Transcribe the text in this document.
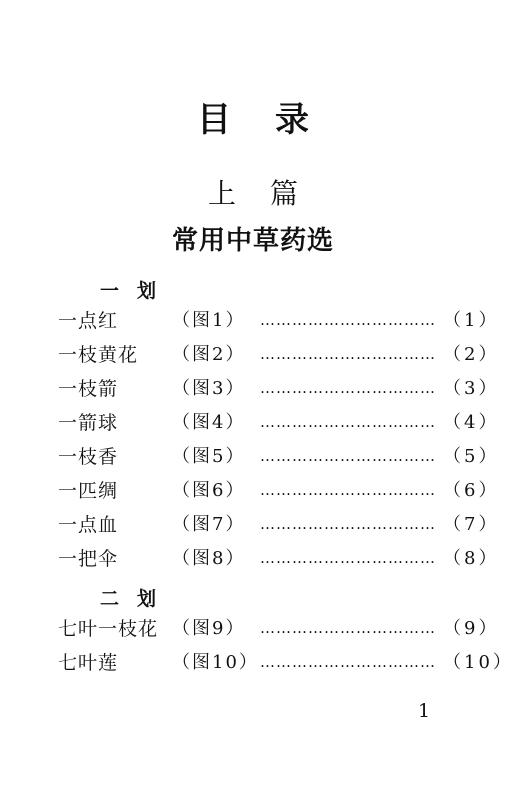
目录
上篇
常用中草药选
一划
一点红	（图1） …………………………… （1）
一枝黄花 （图2） …………………………… （2）
一枝箭	（图3） …………………………… （3）
一箭球	（图4） …………………………… （4）
一枝香	（图5） …………………………… （5）
一匹绸	（图6） …………………………… （6）
一点血	（图7） …………………………… （7）
一把伞	（图8） …………………………… （8）
二划
七叶一枝花 （图9） …………………………… （9）
七叶莲	（图10） …………………………… （10）
1
